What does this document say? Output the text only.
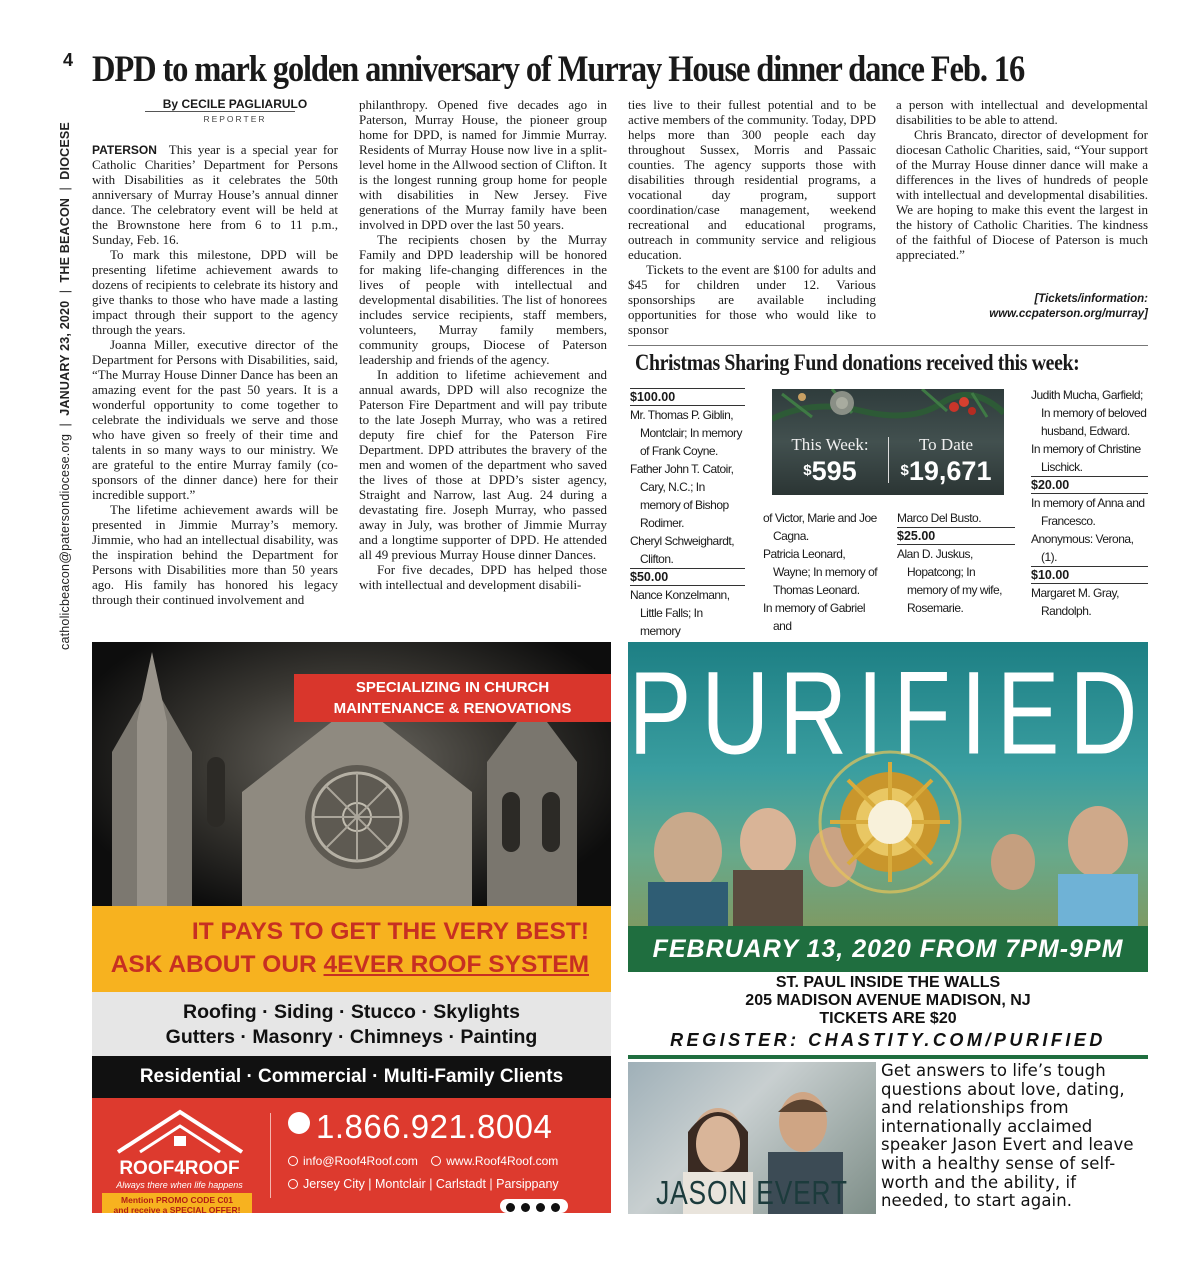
4
catholicbeacon@patersondiocese.org  |  JANUARY 23, 2020  |  THE BEACON  |  DIOCESE
DPD to mark golden anniversary of Murray House dinner dance Feb. 16
By CECILE PAGLIARULO
REPORTER

PATERSON This year is a special year for Catholic Charities’ Department for Persons with Disabilities as it celebrates the 50th anniversary of Murray House’s annual dinner dance. The celebratory event will be held at the Brownstone here from 6 to 11 p.m., Sunday, Feb. 16.

To mark this milestone, DPD will be presenting lifetime achievement awards to dozens of recipients to celebrate its history and give thanks to those who have made a lasting impact through their support to the agency through the years.

Joanna Miller, executive director of the Department for Persons with Disabilities, said, “The Murray House Dinner Dance has been an amazing event for the past 50 years. It is a wonderful opportunity to come together to celebrate the individuals we serve and those who have given so freely of their time and talents in so many ways to our ministry. We are grateful to the entire Murray family (co-sponsors of the dinner dance) here for their incredible support.”

The lifetime achievement awards will be presented in Jimmie Murray’s memory. Jimmie, who had an intellectual disability, was the inspiration behind the Department for Persons with Disabilities more than 50 years ago. His family has honored his legacy through their continued involvement and

philanthropy. Opened five decades ago in Paterson, Murray House, the pioneer group home for DPD, is named for Jimmie Murray. Residents of Murray House now live in a split-level home in the Allwood section of Clifton. It is the longest running group home for people with disabilities in New Jersey. Five generations of the Murray family have been involved in DPD over the last 50 years.

The recipients chosen by the Murray Family and DPD leadership will be honored for making life-changing differences in the lives of people with intellectual and developmental disabilities. The list of honorees includes service recipients, staff members, volunteers, Murray family members, community groups, Diocese of Paterson leadership and friends of the agency.

In addition to lifetime achievement and annual awards, DPD will also recognize the Paterson Fire Department and will pay tribute to the late Joseph Murray, who was a retired deputy fire chief for the Paterson Fire Department. DPD attributes the bravery of the men and women of the department who saved the lives of those at DPD’s sister agency, Straight and Narrow, last Aug. 24 during a devastating fire. Joseph Murray, who passed away in July, was brother of Jimmie Murray and a longtime supporter of DPD. He attended all 49 previous Murray House dinner Dances.

For five decades, DPD has helped those with intellectual and development disabili-

ties live to their fullest potential and to be active members of the community. Today, DPD helps more than 300 people each day throughout Sussex, Morris and Passaic counties. The agency supports those with disabilities through residential programs, a vocational day program, support coordination/case management, weekend recreational and educational programs, outreach in community service and religious education.

Tickets to the event are $100 for adults and $45 for children under 12. Various sponsorships are available including opportunities for those who would like to sponsor

a person with intellectual and developmental disabilities to be able to attend.

Chris Brancato, director of development for diocesan Catholic Charities, said, “Your support of the Murray House dinner dance will make a differences in the lives of hundreds of people with intellectual and developmental disabilities. We are hoping to make this event the largest in the history of Catholic Charities. The kindness of the faithful of Diocese of Paterson is much appreciated.”

[Tickets/information:
www.ccpaterson.org/murray]
Christmas Sharing Fund donations received this week:
$100.00
Mr. Thomas P. Giblin, Montclair; In memory of Frank Coyne.
Father John T. Catoir, Cary, N.C.; In memory of Bishop Rodimer.
Cheryl Schweighardt, Clifton.
$50.00
Nance Konzelmann, Little Falls; In memory
of Victor, Marie and Joe Cagna.
Patricia Leonard, Wayne; In memory of Thomas Leonard.
In memory of Gabriel and
Marco Del Busto.
$25.00
Alan D. Juskus, Hopatcong; In memory of my wife, Rosemarie.
Judith Mucha, Garfield; In memory of beloved husband, Edward.
In memory of Christine Lischick.
$20.00
In memory of Anna and Francesco.
Anonymous: Verona, (1).
$10.00
Margaret M. Gray, Randolph.
This Week:
$595
To Date
$19,671
SPECIALIZING IN CHURCH
MAINTENANCE & RENOVATIONS
IT PAYS TO GET THE VERY BEST!
ASK ABOUT OUR 4EVER ROOF SYSTEM
Roofing · Siding · Stucco · Skylights
Gutters · Masonry · Chimneys · Painting
Residential · Commercial · Multi-Family Clients
ROOF4ROOF
Always there when life happens
Mention PROMO CODE C01
and receive a SPECIAL OFFER!
1.866.921.8004
info@Roof4Roof.com www.Roof4Roof.com
Jersey City | Montclair | Carlstadt | Parsippany
PURIFIED
FEBRUARY 13, 2020 FROM 7PM-9PM
ST. PAUL INSIDE THE WALLS
205 MADISON AVENUE MADISON, NJ
TICKETS ARE $20
REGISTER: CHASTITY.COM/PURIFIED
JASON EVERT
Get answers to life’s tough questions about love, dating, and relationships from internationally acclaimed speaker Jason Evert and leave with a healthy sense of self-worth and the ability, if needed, to start again.
